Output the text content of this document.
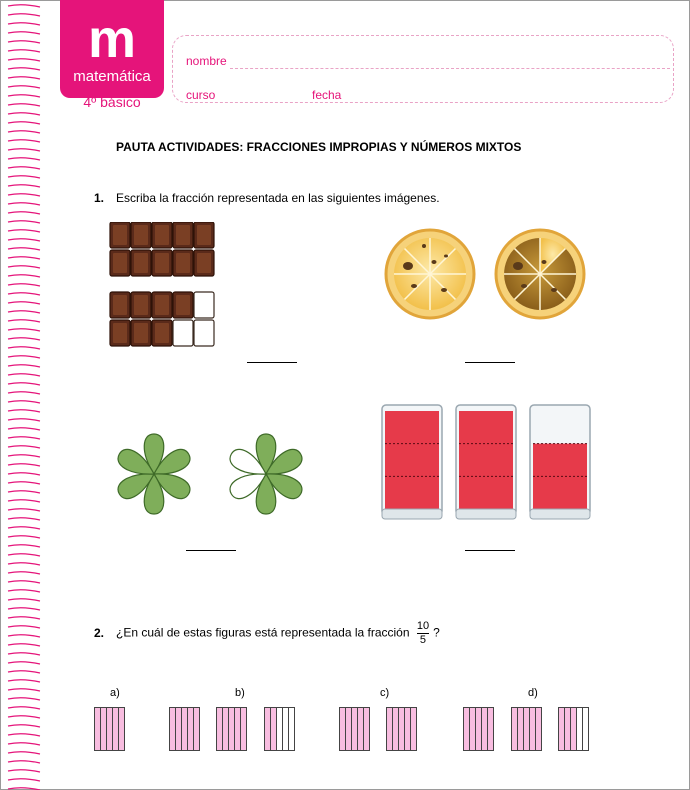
m
matemática
4º básico
nombre
curso	fecha
PAUTA ACTIVIDADES: FRACCIONES IMPROPIAS Y NÚMEROS MIXTOS
1. Escriba la fracción representada en las siguientes imágenes.
2. ¿En cuál de estas figuras está representada la fracción $\frac{10}{5}$ ?
a)	b)	c)	d)
